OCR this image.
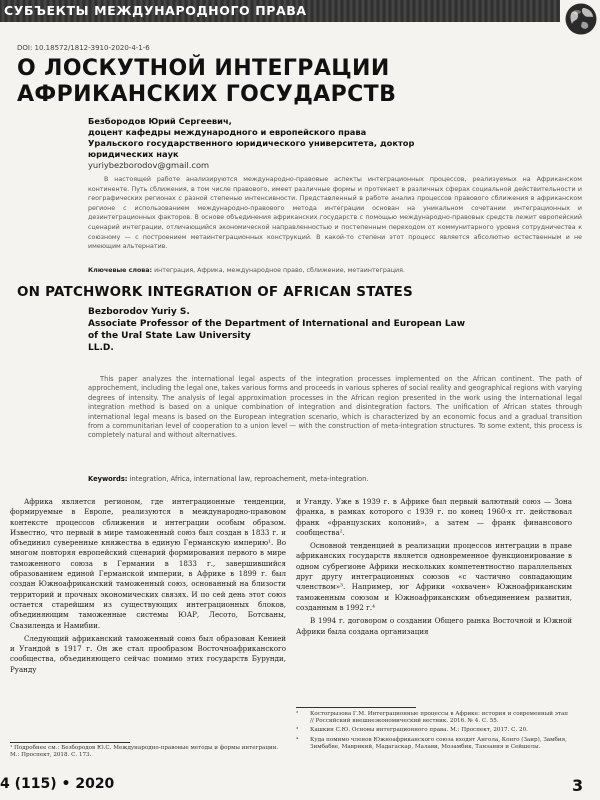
СУБЪЕКТЫ МЕЖДУНАРОДНОГО ПРАВА
DOI: 10.18572/1812-3910-2020-4-1-6
О ЛОСКУТНОЙ ИНТЕГРАЦИИ АФРИКАНСКИХ ГОСУДАРСТВ
Безбородов Юрий Сергеевич,
доцент кафедры международного и европейского права Уральского государственного юридического университета, доктор юридических наук
yuriybezborodov@gmail.com

В настоящей работе анализируются международно-правовые аспекты интеграционных процессов, реализуемых на Африканском континенте. Путь сближения, в том числе правового, имеет различные формы и протекает в различных сферах социальной действительности и географических регионах с разной степенью интенсивности. Представленный в работе анализ процессов правового сближения в африканском регионе с использованием международно-правового метода интеграции основан на уникальном сочетании интеграционных и дезинтеграционных факторов. В основе объединения африканских государств с помощью международно-правовых средств лежит европейский сценарий интеграции, отличающийся экономической направленностью и постепенным переходом от коммунитарного уровня сотрудничества к союзному — с построением метаинтеграционных конструкций. В какой-то степени этот процесс является абсолютно естественным и не имеющим альтернатив.

Ключевые слова: интеграция, Африка, международное право, сближение, метаинтеграция.

ON PATCHWORK INTEGRATION OF AFRICAN STATES
Bezborodov Yuriy S.
Associate Professor of the Department of International and European Law
of the Ural State Law University
LL.D.

This paper analyzes the international legal aspects of the integration processes implemented on the African continent. The path of approchement, including the legal one, takes various forms and proceeds in various spheres of social reality and geographical regions with varying degrees of intensity. The analysis of legal approximation processes in the African region presented in the work using the international legal integration method is based on a unique combination of integration and disintegration factors. The unification of African states through international legal means is based on the European integration scenario, which is characterized by an economic focus and a gradual transition from a communitarian level of cooperation to a union level — with the construction of meta-integration structures. To some extent, this process is completely natural and without alternatives.

Keywords: integration, Africa, international law, reproachement, meta-integration.

Африка является регионом, где интеграционные тенденции, формируемые в Европе, реализуются в международно-правовом контексте процессов сближения и интеграции особым образом. Известно, что первый в мире таможенный союз был создан в 1833 г. и объединил суверенные княжества в единую Германскую империю¹. Во многом повторяя европейский сценарий формирования первого в мире таможенного союза в Германии в 1833 г., завершившийся образованием единой Германской империи, в Африке в 1899 г. был создан Южноафриканский таможенный союз, основанный на близости территорий и прочных экономических связях. И по сей день этот союз остается старейшим из существующих интеграционных блоков, объединяющим таможенные системы ЮАР, Лесото, Ботсваны, Свазиленда и Намибии.

Следующий африканский таможенный союз был образован Кенией и Угандой в 1917 г. Он же стал прообразом Восточноафриканского сообщества, объединяющего сейчас помимо этих государств Бурунди, Руанду

и Уганду. Уже в 1939 г. в Африке был первый валютный союз — Зона франка, в рамках которого с 1939 г. по конец 1960-х гг. действовал франк «французских колоний», а затем — франк финансового сообщества².

Основной тенденцией в реализации процессов интеграции в праве африканских государств является одновременное функционирование в одном субрегионе Африки нескольких компетентностно параллельных друг другу интеграционных союзов «с частично совпадающим членством»³. Например, юг Африки «охвачен» Южноафриканским таможенным союзом и Южноафриканским объединением развития, созданным в 1992 г.⁴

В 1994 г. договором о создании Общего рынка Восточной и Южной Африки была создана организация

¹ Подробнее см.: Безбородов Ю.С. Международно-правовые методы и формы интеграции. М.: Проспект, 2018. С. 173.
²	Костогрызова Г.М. Интеграционные процессы в Африке: история и современный этап // Российский внешнеэкономический вестник. 2016. № 4. С. 55.
³	Кашкин С.Ю. Основы интеграционного права. М.: Проспект, 2017. С. 20.
⁴	Куда помимо членов Южноафриканского союза входят Ангола, Конго (Заир), Замбия, Зимбабве, Маврикий, Мадагаскар, Малави, Мозамбик, Танзания и Сейшелы.
4 (115) • 2020	3
